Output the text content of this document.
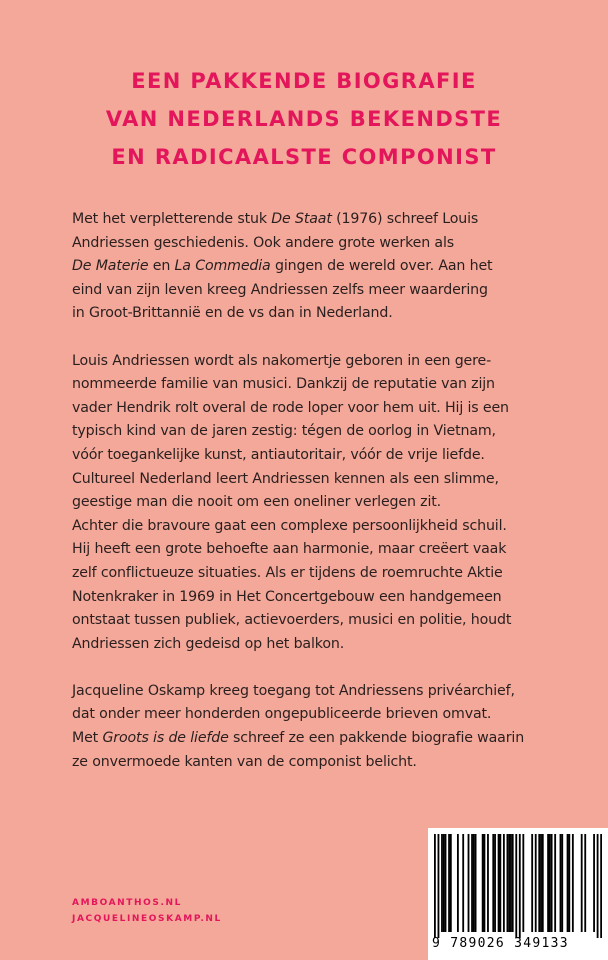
EEN PAKKENDE BIOGRAFIE
VAN NEDERLANDS BEKENDSTE
EN RADICAALSTE COMPONIST
Met het verpletterende stuk De Staat (1976) schreef Louis
Andriessen geschiedenis. Ook andere grote werken als
De Materie en La Commedia gingen de wereld over. Aan het
eind van zijn leven kreeg Andriessen zelfs meer waardering
in Groot-Brittannië en de vs dan in Nederland.
Louis Andriessen wordt als nakomertje geboren in een gere-
nommeerde familie van musici. Dankzij de reputatie van zijn
vader Hendrik rolt overal de rode loper voor hem uit. Hij is een
typisch kind van de jaren zestig: tégen de oorlog in Vietnam,
vóór toegankelijke kunst, antiautoritair, vóór de vrije liefde.
Cultureel Nederland leert Andriessen kennen als een slimme,
geestige man die nooit om een oneliner verlegen zit.
Achter die bravoure gaat een complexe persoonlijkheid schuil.
Hij heeft een grote behoefte aan harmonie, maar creëert vaak
zelf conflictueuze situaties. Als er tijdens de roemruchte Aktie
Notenkraker in 1969 in Het Concertgebouw een handgemeen
ontstaat tussen publiek, actievoerders, musici en politie, houdt
Andriessen zich gedeisd op het balkon.
Jacqueline Oskamp kreeg toegang tot Andriessens privéarchief,
dat onder meer honderden ongepubliceerde brieven omvat.
Met Groots is de liefde schreef ze een pakkende biografie waarin
ze onvermoede kanten van de componist belicht.
AMBOANTHOS.NL
JACQUELINEOSKAMP.NL
9 789026 349133
